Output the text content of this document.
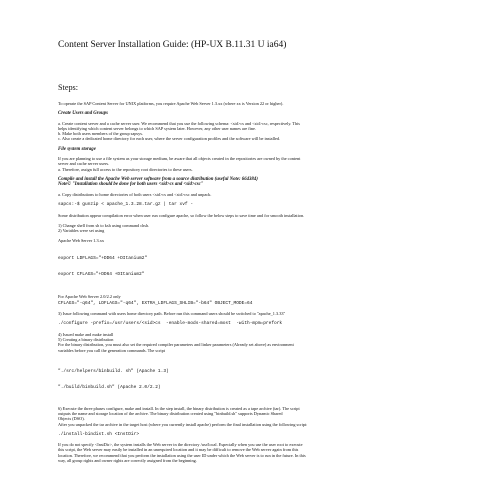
Content Server Installation Guide: (HP-UX B.11.31 U ia64)
Steps:
To operate the SAP Content Server for UNIX platforms, you require Apache Web Server 1.3.xx (where xx is Version 22 or higher).
Create Users and Groups
a. Create content server and a cache server user. We recommend that you use the following schema: <sid>cs and <sid>csc, respectively. This
helps identifying which content server belongs to which SAP system later. However, any other user names are fine.
b. Make both users members of the group sapsys.
c. Also create a dedicated home directory for each user, where the server configuration profiles and the software will be installed.
File system storage
If you are planning to use a file system as your storage medium, be aware that all objects created in the repositories are owned by the content
server and cache server users.
a. Therefore, assign full access to the repository root directories to these users.
Compile and install the Apache Web server software from a source distribution (useful Note: 664384)
Note© "Installation should be done for both users <sid>cs and <sid>csc"
a. Copy distributions to home directories of both users <sid>cs and <sid>csc and unpack.
sapcs:-$ gunzip < apache_1.3.28.tar.gz | tar xvf -
Some distribution appear compilation error when user run configure apache, so follow the below steps to save time and for smooth installation.
1) Change shell from sh to ksh using command chsh.
2) Variables were set using
Apache Web Server 1.3.xx

export LDFLAGS="+DD64 +DItanium2"

export CFLAGS="+DD64 +DItanium2"

For Apache Web Server 2.0/2.2 only
CFLAGS="-q64", LDFLAGS="-q64", EXTRA_LDFLAGS_SHLIB="-b64" OBJECT_MODE=64
3) Issue following command with users home directory path. Before run this command users should be switched to "apache_1.3.33"
./configure -prefix=/usr/users/<sid>cs  -enable-mods-shared=most  -with-mpm=prefork
4) Issued make and make install
5) Creating a binary distribution
For the binary distribution, you must also set the required compiler parameters and linker parameters (Already set above) as environment
variables before you call the generation commands. The script

"./src/helpers/binbuild. sh" (Apache 1.3)

"./build/binbuild.sh" (Apache 2.0/2.2)

6) Execute the three phases configure, make and install. In the step install, the binary distribution is created as a tape archive (tar). The script
outputs the name and storage location of the archive. The binary distribution created using "binbuild.sh" supports Dynamic Shared
Objects (DSO).
After you unpacked the tar archive in the target host (where you currently install apache) perform the final installation using the following script:
./install-bindist.sh <InstDir>
If you do not specify <InstDir>, the system installs the Web server in the directory /usr/local. Especially when you use the user root to execute
this script, the Web server may easily be installed in an unrequired location and it may be difficult to remove the Web server again from this
location. Therefore, we recommend that you perform the installation using the user ID under which the Web server is to run in the future. In this
way, all group rights and owner rights are correctly assigned from the beginning.
